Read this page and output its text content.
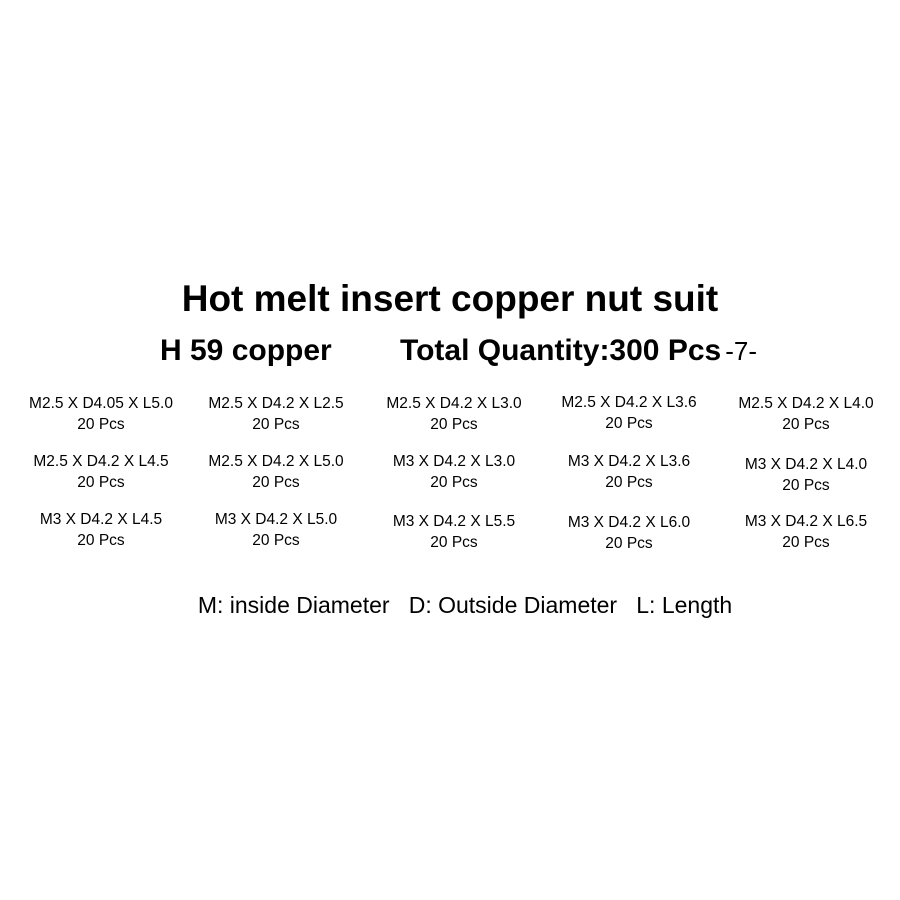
Hot melt insert copper nut suit
H 59 copper Total Quantity:300 Pcs -7-
M2.5 X D4.05 X L5.0
20 Pcs
M2.5 X D4.2 X L2.5
20 Pcs
M2.5 X D4.2 X L3.0
20 Pcs
M2.5 X D4.2 X L3.6
20 Pcs
M2.5 X D4.2 X L4.0
20 Pcs
M2.5 X D4.2 X L4.5
20 Pcs
M2.5 X D4.2 X L5.0
20 Pcs
M3 X D4.2 X L3.0
20 Pcs
M3 X D4.2 X L3.6
20 Pcs
M3 X D4.2 X L4.0
20 Pcs
M3 X D4.2 X L4.5
20 Pcs
M3 X D4.2 X L5.0
20 Pcs
M3 X D4.2 X L5.5
20 Pcs
M3 X D4.2 X L6.0
20 Pcs
M3 X D4.2 X L6.5
20 Pcs
M: inside Diameter   D: Outside Diameter   L: Length
